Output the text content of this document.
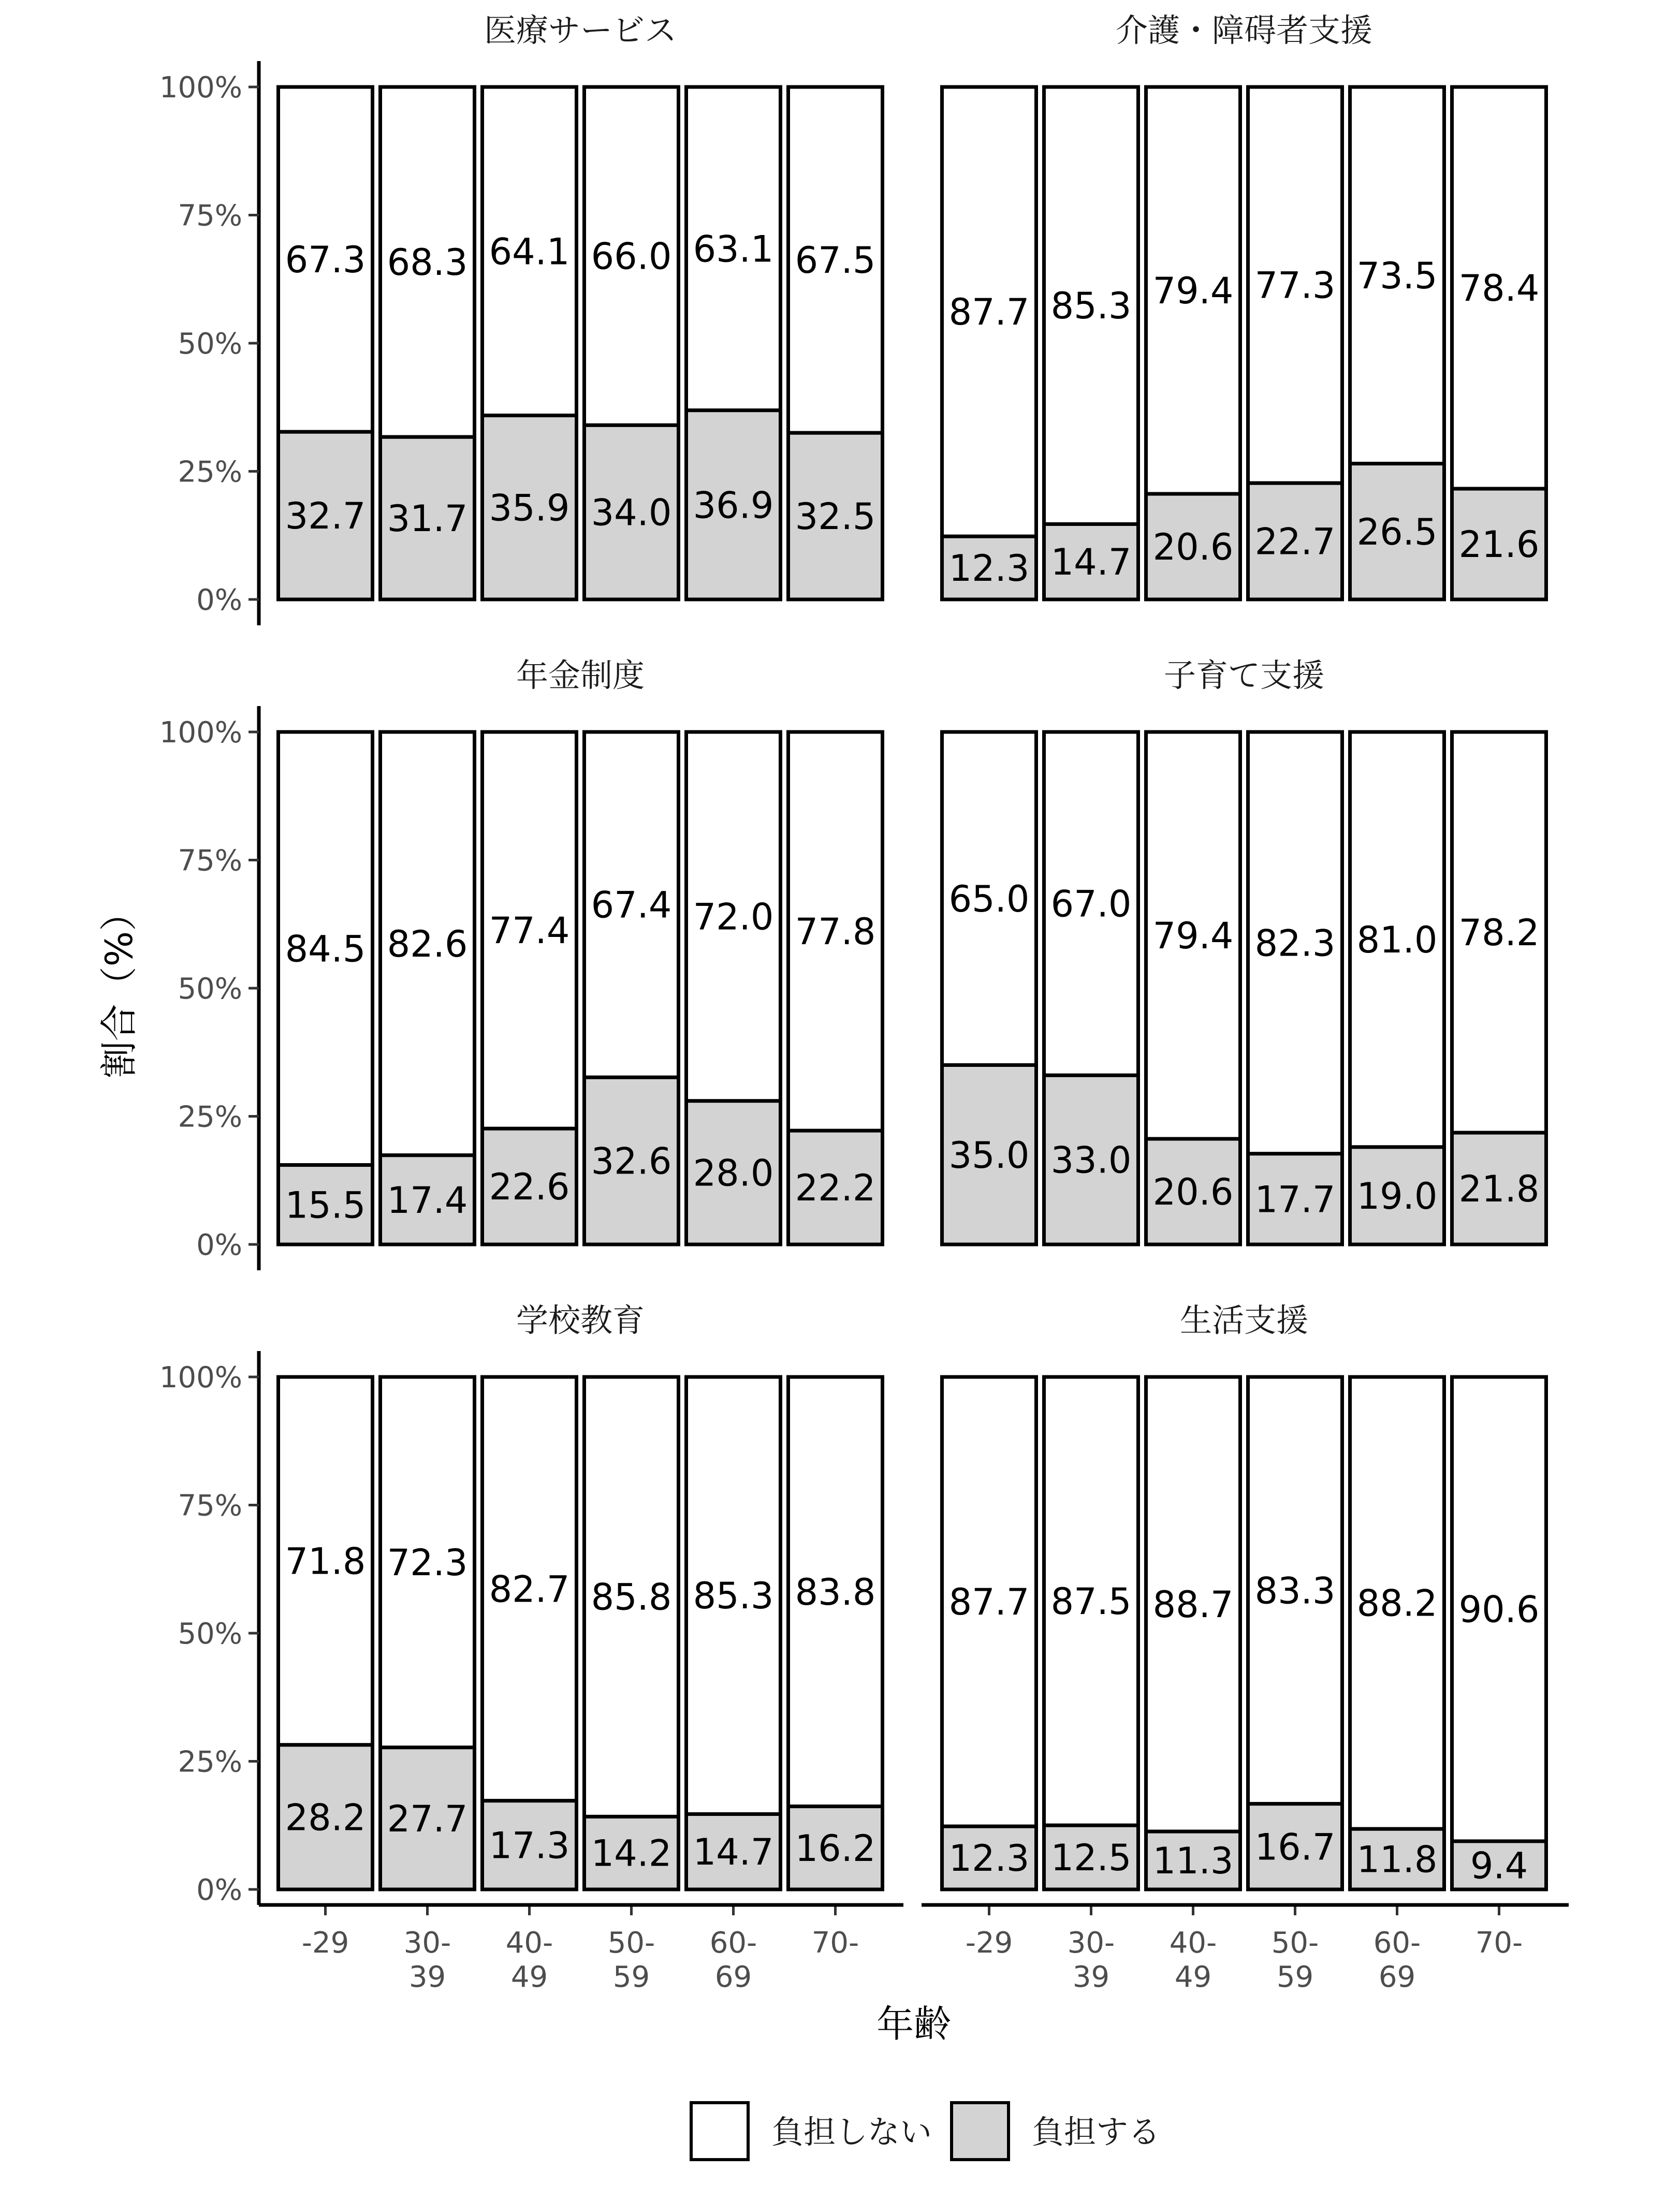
医療サービス
0%
25%
50%
75%
100%
67.3
32.7
68.3
31.7
64.1
35.9
66.0
34.0
63.1
36.9
67.5
32.5
介護・障碍者支援
87.7
12.3
85.3
14.7
79.4
20.6
77.3
22.7
73.5
26.5
78.4
21.6
年金制度
0%
25%
50%
75%
100%
84.5
15.5
82.6
17.4
77.4
22.6
67.4
32.6
72.0
28.0
77.8
22.2
子育て支援
65.0
35.0
67.0
33.0
79.4
20.6
82.3
17.7
81.0
19.0
78.2
21.8
学校教育
0%
25%
50%
75%
100%
71.8
28.2
-29
72.3
27.7
30-
39
82.7
17.3
40-
49
85.8
14.2
50-
59
85.3
14.7
60-
69
83.8
16.2
70-
生活支援
87.7
12.3
-29
87.5
12.5
30-
39
88.7
11.3
40-
49
83.3
16.7
50-
59
88.2
11.8
60-
69
90.6
9.4
70-
年齢
割合（%）
負担しない	負担する
